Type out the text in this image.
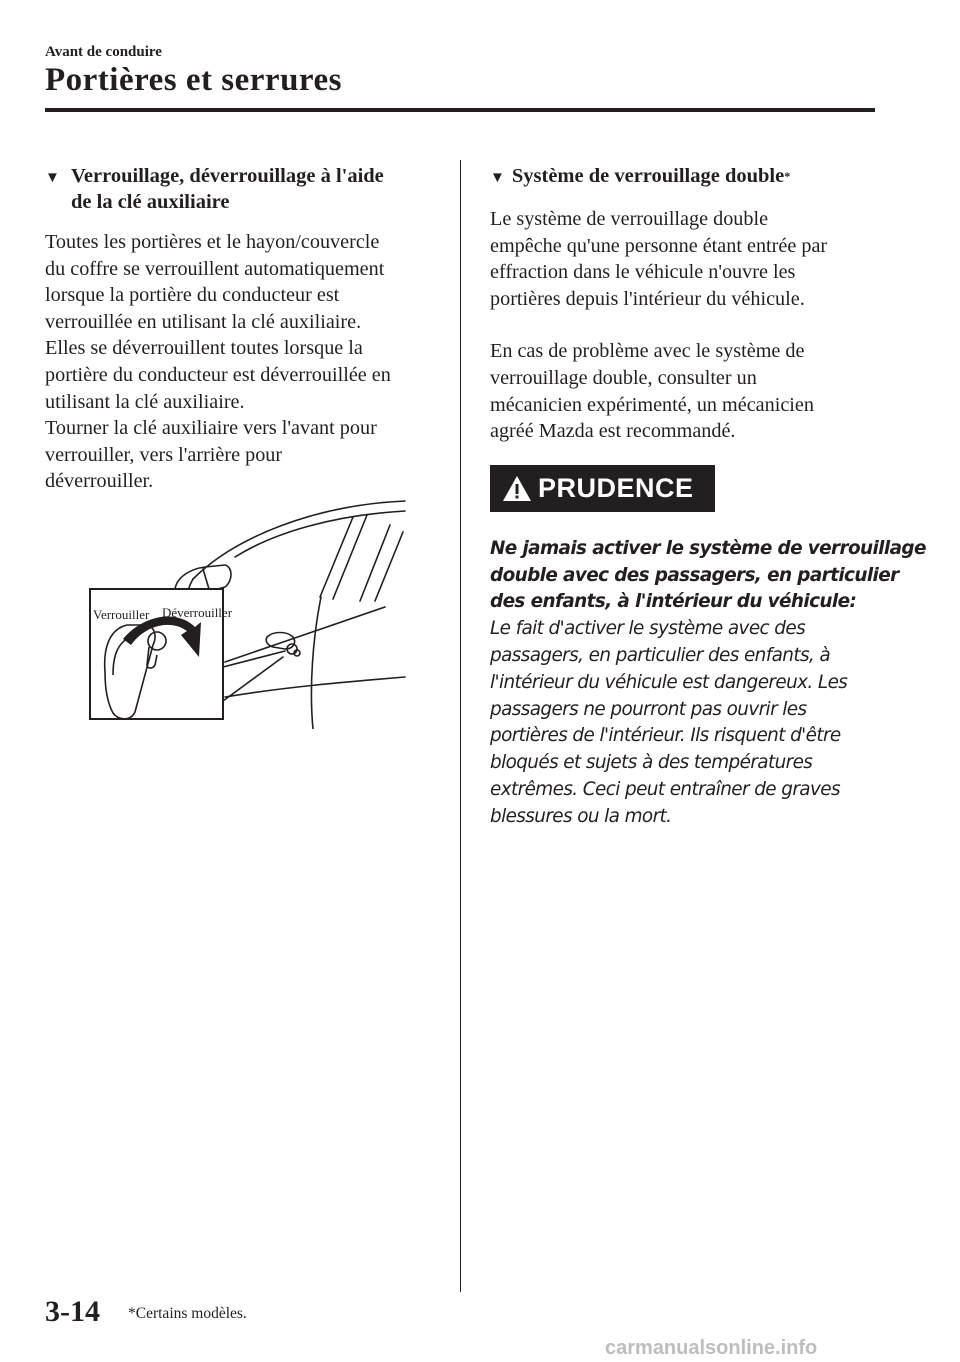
Avant de conduire
Portières et serrures
▼ Verrouillage, déverrouillage à l'aide
de la clé auxiliaire
Toutes les portières et le hayon/couvercle
du coffre se verrouillent automatiquement
lorsque la portière du conducteur est
verrouillée en utilisant la clé auxiliaire.
Elles se déverrouillent toutes lorsque la
portière du conducteur est déverrouillée en
utilisant la clé auxiliaire.
Tourner la clé auxiliaire vers l'avant pour
verrouiller, vers l'arrière pour
déverrouiller.
Verrouiller Déverrouiller
▼ Système de verrouillage double *
Le système de verrouillage double
empêche qu'une personne étant entrée par
effraction dans le véhicule n'ouvre les
portières depuis l'intérieur du véhicule.
En cas de problème avec le système de
verrouillage double, consulter un
mécanicien expérimenté, un mécanicien
agréé Mazda est recommandé.
PRUDENCE
Ne jamais activer le système de verrouillage
double avec des passagers, en particulier
des enfants, à l'intérieur du véhicule:
Le fait d'activer le système avec des
passagers, en particulier des enfants, à
l'intérieur du véhicule est dangereux. Les
passagers ne pourront pas ouvrir les
portières de l'intérieur. Ils risquent d'être
bloqués et sujets à des températures
extrêmes. Ceci peut entraîner de graves
blessures ou la mort.
3-14 *Certains modèles.
carmanualsonline.info
